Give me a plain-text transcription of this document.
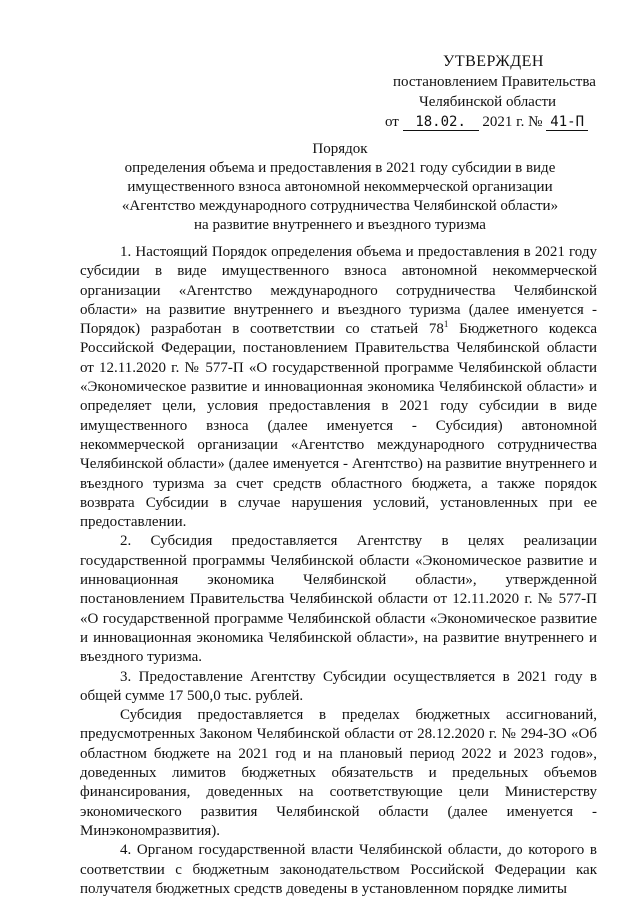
УТВЕРЖДЕН
постановлением Правительства
Челябинской области
от 18.02. 2021 г. № 41-П
Порядок
определения объема и предоставления в 2021 году субсидии в виде
имущественного взноса автономной некоммерческой организации
«Агентство международного сотрудничества Челябинской области»
на развитие внутреннего и въездного туризма

1. Настоящий Порядок определения объема и предоставления в 2021 году субсидии в виде имущественного взноса автономной некоммерческой организации «Агентство международного сотрудничества Челябинской области» на развитие внутреннего и въездного туризма (далее именуется - Порядок) разработан в соответствии со статьей $78^1$ Бюджетного кодекса Российской Федерации, постановлением Правительства Челябинской области от 12.11.2020 г. № 577-П «О государственной программе Челябинской области «Экономическое развитие и инновационная экономика Челябинской области» и определяет цели, условия предоставления в 2021 году субсидии в виде имущественного взноса (далее именуется - Субсидия) автономной некоммерческой организации «Агентство международного сотрудничества Челябинской области» (далее именуется - Агентство) на развитие внутреннего и въездного туризма за счет средств областного бюджета, а также порядок возврата Субсидии в случае нарушения условий, установленных при ее предоставлении.

2. Субсидия предоставляется Агентству в целях реализации государственной программы Челябинской области «Экономическое развитие и инновационная экономика Челябинской области», утвержденной постановлением Правительства Челябинской области от 12.11.2020 г. № 577-П «О государственной программе Челябинской области «Экономическое развитие и инновационная экономика Челябинской области», на развитие внутреннего и въездного туризма.

3. Предоставление Агентству Субсидии осуществляется в 2021 году в общей сумме 17 500,0 тыс. рублей.

Субсидия предоставляется в пределах бюджетных ассигнований, предусмотренных Законом Челябинской области от 28.12.2020 г. № 294-ЗО «Об областном бюджете на 2021 год и на плановый период 2022 и 2023 годов», доведенных лимитов бюджетных обязательств и предельных объемов финансирования, доведенных на соответствующие цели Министерству экономического развития Челябинской области (далее именуется - Минэкономразвития).

4. Органом государственной власти Челябинской области, до которого в соответствии с бюджетным законодательством Российской Федерации как получателя бюджетных средств доведены в установленном порядке лимиты
